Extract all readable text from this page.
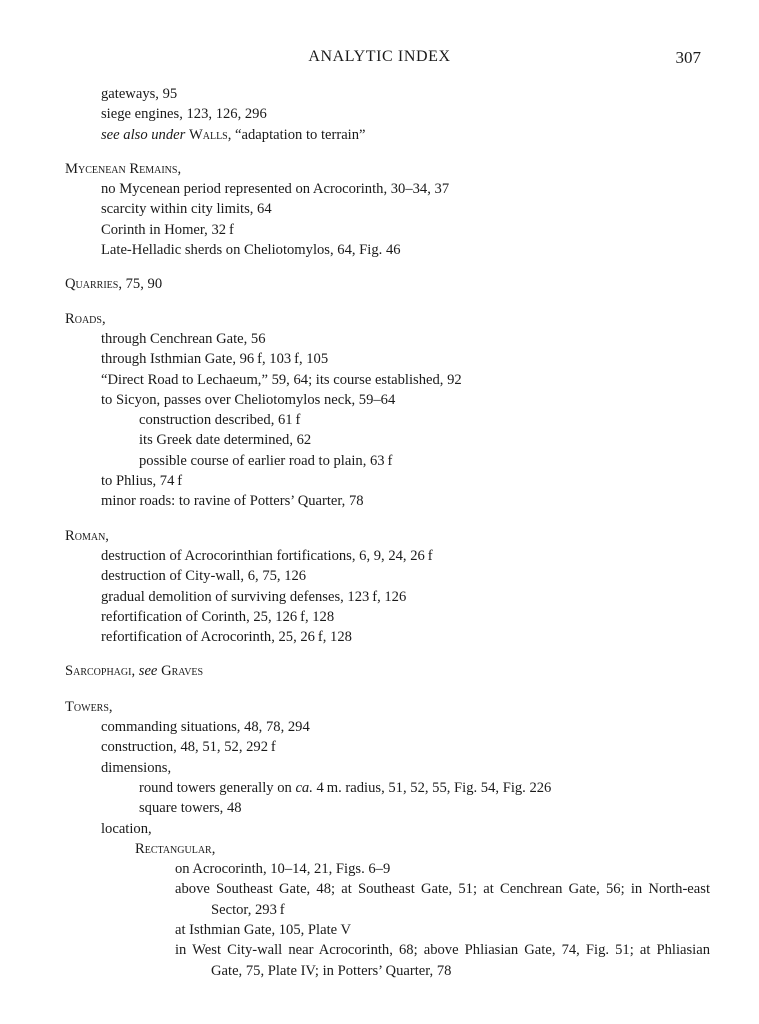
ANALYTIC INDEX	307
gateways, 95
siege engines, 123, 126, 296
see also under Walls, “adaptation to terrain”
Mycenean Remains,
no Mycenean period represented on Acrocorinth, 30–34, 37
scarcity within city limits, 64
Corinth in Homer, 32 f
Late-Helladic sherds on Cheliotomylos, 64, Fig. 46
Quarries, 75, 90
Roads,
through Cenchrean Gate, 56
through Isthmian Gate, 96 f, 103 f, 105
“Direct Road to Lechaeum,” 59, 64; its course established, 92
to Sicyon, passes over Cheliotomylos neck, 59–64
construction described, 61 f
its Greek date determined, 62
possible course of earlier road to plain, 63 f
to Phlius, 74 f
minor roads: to ravine of Potters’ Quarter, 78
Roman,
destruction of Acrocorinthian fortifications, 6, 9, 24, 26 f
destruction of City-wall, 6, 75, 126
gradual demolition of surviving defenses, 123 f, 126
refortification of Corinth, 25, 126 f, 128
refortification of Acrocorinth, 25, 26 f, 128
Sarcophagi, see Graves
Towers,
commanding situations, 48, 78, 294
construction, 48, 51, 52, 292 f
dimensions,
round towers generally on ca. 4 m. radius, 51, 52, 55, Fig. 54, Fig. 226
square towers, 48
location,
Rectangular,
on Acrocorinth, 10–14, 21, Figs. 6–9
above Southeast Gate, 48; at Southeast Gate, 51; at Cenchrean Gate, 56; in North-east Sector, 293 f
at Isthmian Gate, 105, Plate V
in West City-wall near Acrocorinth, 68; above Phliasian Gate, 74, Fig. 51; at Phliasian Gate, 75, Plate IV; in Potters’ Quarter, 78
